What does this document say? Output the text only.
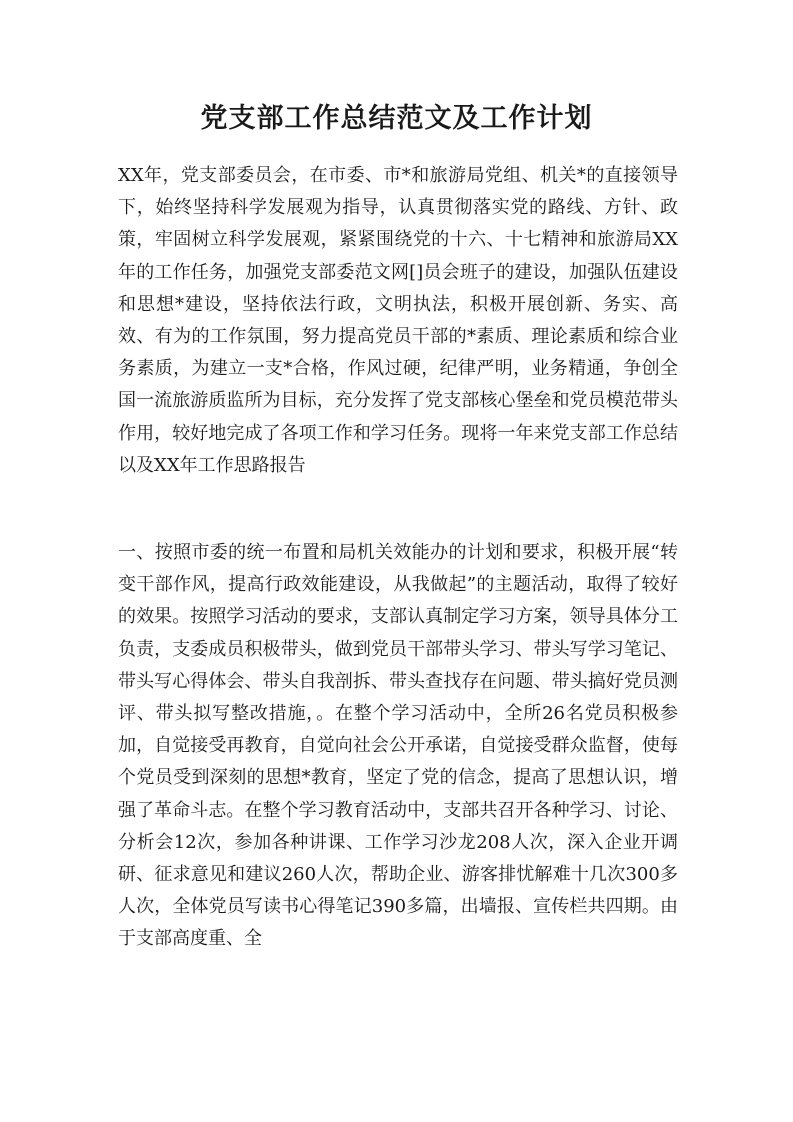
党支部工作总结范文及工作计划

XX年，党支部委员会，在市委、市*和旅游局党组、机关*的直接领导下，始终坚持科学发展观为指导，认真贯彻落实党的路线、方针、政策，牢固树立科学发展观，紧紧围绕党的十六、十七精神和旅游局XX年的工作任务，加强党支部委范文网[]员会班子的建设，加强队伍建设和思想*建设，坚持依法行政，文明执法，积极开展创新、务实、高效、有为的工作氛围，努力提高党员干部的*素质、理论素质和综合业务素质，为建立一支*合格，作风过硬，纪律严明，业务精通，争创全国一流旅游质监所为目标，充分发挥了党支部核心堡垒和党员模范带头作用，较好地完成了各项工作和学习任务。现将一年来党支部工作总结以及XX年工作思路报告

一、按照市委的统一布置和局机关效能办的计划和要求，积极开展“转变干部作风，提高行政效能建设，从我做起”的主题活动，取得了较好的效果。按照学习活动的要求，支部认真制定学习方案，领导具体分工负责，支委成员积极带头，做到党员干部带头学习、带头写学习笔记、带头写心得体会、带头自我剖拆、带头查找存在问题、带头搞好党员测评、带头拟写整改措施，。在整个学习活动中，全所26名党员积极参加，自觉接受再教育，自觉向社会公开承诺，自觉接受群众监督，使每个党员受到深刻的思想*教育，坚定了党的信念，提高了思想认识，增强了革命斗志。在整个学习教育活动中，支部共召开各种学习、讨论、分析会12次，参加各种讲课、工作学习沙龙208人次，深入企业开调研、征求意见和建议260人次，帮助企业、游客排忧解难十几次300多人次，全体党员写读书心得笔记390多篇，出墙报、宣传栏共四期。由于支部高度重、全
